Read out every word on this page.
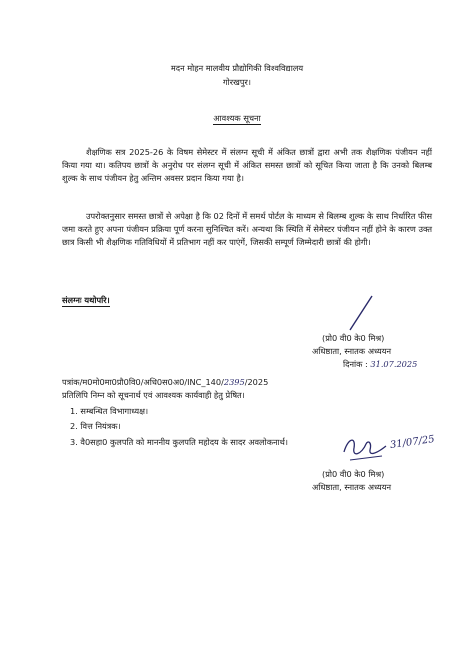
मदन मोहन मालवीय प्रौद्योगिकी विश्वविद्यालय
गोरखपुर।
आवश्यक सूचना
शैक्षणिक सत्र 2025-26 के विषम सेमेस्टर में संलग्न सूची में अंकित छात्रों द्वारा अभी तक शैक्षणिक पंजीयन नहीं किया गया था। कतिपय छात्रों के अनुरोध पर संलग्न सूची में अंकित समस्त छात्रों को सूचित किया जाता है कि उनको बिलम्ब शुल्क के साथ पंजीयन हेतु अन्तिम अवसर प्रदान किया गया है।
उपरोक्तनुसार समस्त छात्रों से अपेक्षा है कि 02 दिनों में समर्थ पोर्टल के माध्यम से बिलम्ब शुल्क के साथ निर्धारित फीस जमा करते हुए अपना पंजीयन प्रक्रिया पूर्ण करना सुनिश्चित करें। अन्यथा कि स्थिति में सेमेस्टर पंजीयन नहीं होने के कारण उक्त छात्र किसी भी शैक्षणिक गतिविधियों में प्रतिभाग नहीं कर पाएंगें, जिसकी सम्पूर्ण जिम्मेदारी छात्रों की होगी।
संलग्नः यथोपरि।
(प्रो0 वी0 के0 मिश्र)
अधिष्ठाता, स्नातक अध्ययन
दिनांक : 31.07.2025
पत्रांक/म0मो0मा0प्रौ0वि0/अधि0स0अ0/INC_140/2395/2025
प्रतिलिपि निम्न को सूचनार्थ एवं आवश्यक कार्यवाही हेतु प्रेषित।
1. सम्बन्धित विभागाध्यक्ष।
2. वित्त नियंत्रक।
3. वै0सहा0 कुलपति को माननीय कुलपति महोदय के सादर अवलोकनार्थ।	31/07/25
(प्रो0 वी0 के0 मिश्र)
अधिष्ठाता, स्नातक अध्ययन
